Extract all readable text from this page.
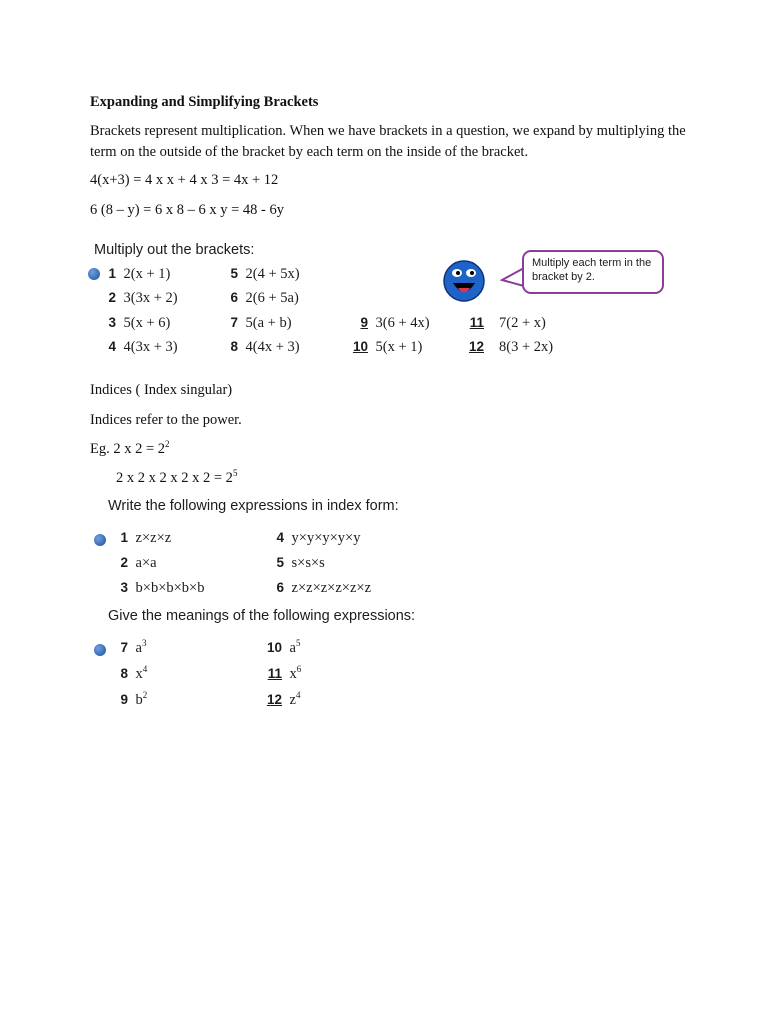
Expanding and Simplifying Brackets
Brackets represent multiplication. When we have brackets in a question, we expand by multiplying the term on the outside of the bracket by each term on the inside of the bracket.
4(x+3) = 4 x x + 4 x 3 = 4x + 12
6 (8 – y) = 6 x 8 – 6 x y = 48 - 6y
Multiply out the brackets:
1 2(x + 1)
2 3(3x + 2)
3 5(x + 6)
4 4(3x + 3)
5 2(4 + 5x)
6 2(6 + 5a)
7 5(a + b)
8 4(4x + 3)
9 3(6 + 4x)
10 5(x + 1)
11 7(2 + x)
12 8(3 + 2x)
Multiply each term in the bracket by 2.
Indices ( Index singular)
Indices refer to the power.
Eg. 2 x $2 = 2^2$
2 x 2 x 2 x 2 x $2 = 2^5$
Write the following expressions in index form:
1 z×z×z
2 a×a
3 b×b×b×b×b
4 y×y×y×y×y
5 s×s×s
6 z×z×z×z×z×z
Give the meanings of the following expressions:
7 $a^3$
8 $x^4$
9 $b^2$
10 $a^5$
11 $x^6$
12 $z^4$
